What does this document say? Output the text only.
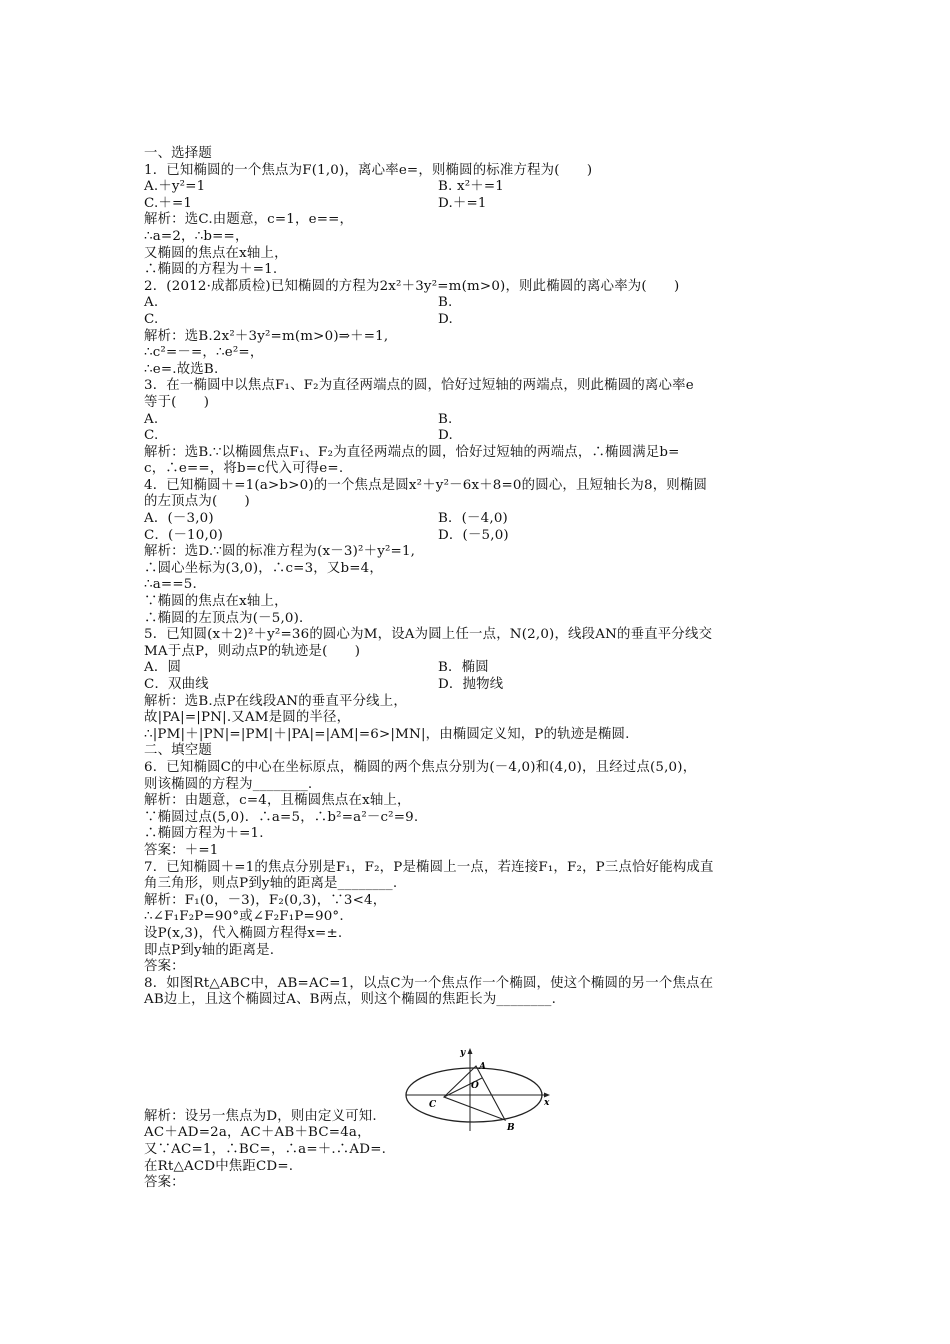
一、选择题
1．已知椭圆的一个焦点为F(1,0)，离心率e=，则椭圆的标准方程为(　　)
A.＋y²=1	B. x²＋=1
C.＋=1	D.＋=1
解析：选C.由题意，c=1，e==，
∴a=2，∴b==，
又椭圆的焦点在x轴上，
∴椭圆的方程为＋=1.
2．(2012·成都质检)已知椭圆的方程为2x²＋3y²=m(m>0)，则此椭圆的离心率为(　　)
A.	B.
C.	D.
解析：选B.2x²＋3y²=m(m>0)⇒＋=1,
∴c²=－=，∴e²=，
∴e=.故选B.
3．在一椭圆中以焦点F₁、F₂为直径两端点的圆，恰好过短轴的两端点，则此椭圆的离心率e
等于(　　)
A.	B.
C.	D.
解析：选B.∵以椭圆焦点F₁、F₂为直径两端点的圆，恰好过短轴的两端点，∴椭圆满足b=
c，∴e==，将b=c代入可得e=.
4．已知椭圆＋=1(a>b>0)的一个焦点是圆x²＋y²－6x＋8=0的圆心，且短轴长为8，则椭圆
的左顶点为(　　)
A．(－3,0)	B．(－4,0)
C．(－10,0)	D．(－5,0)
解析：选D.∵圆的标准方程为(x－3)²＋y²=1,
∴圆心坐标为(3,0)，∴c=3，又b=4，
∴a==5.
∵椭圆的焦点在x轴上，
∴椭圆的左顶点为(－5,0)．
5．已知圆(x＋2)²＋y²=36的圆心为M，设A为圆上任一点，N(2,0)，线段AN的垂直平分线交
MA于点P，则动点P的轨迹是(　　)
A．圆	B．椭圆
C．双曲线	D．抛物线
解析：选B.点P在线段AN的垂直平分线上，
故|PA|=|PN|.又AM是圆的半径，
∴|PM|＋|PN|=|PM|＋|PA|=|AM|=6>|MN|，由椭圆定义知，P的轨迹是椭圆.
二、填空题
6．已知椭圆C的中心在坐标原点，椭圆的两个焦点分别为(－4,0)和(4,0)，且经过点(5,0)，
则该椭圆的方程为________.
解析：由题意，c=4，且椭圆焦点在x轴上，
∵椭圆过点(5,0)．∴a=5，∴b²=a²－c²=9.
∴椭圆方程为＋=1.
答案：＋=1
7．已知椭圆＋=1的焦点分别是F₁，F₂，P是椭圆上一点，若连接F₁，F₂，P三点恰好能构成直
角三角形，则点P到y轴的距离是________.
解析：F₁(0，－3)，F₂(0,3)，∵3<4，
∴∠F₁F₂P=90°或∠F₂F₁P=90°.
设P(x,3)，代入椭圆方程得x=±.
即点P到y轴的距离是.
答案：
8．如图Rt△ABC中，AB=AC=1，以点C为一个焦点作一个椭圆，使这个椭圆的另一个焦点在
AB边上，且这个椭圆过A、B两点，则这个椭圆的焦距长为________.
解析：设另一焦点为D，则由定义可知.
AC＋AD=2a，AC＋AB＋BC=4a，
又∵AC=1，∴BC=，∴a=＋.∴AD=.
在Rt△ACD中焦距CD=.
答案：
y
A
O
C	x
B
